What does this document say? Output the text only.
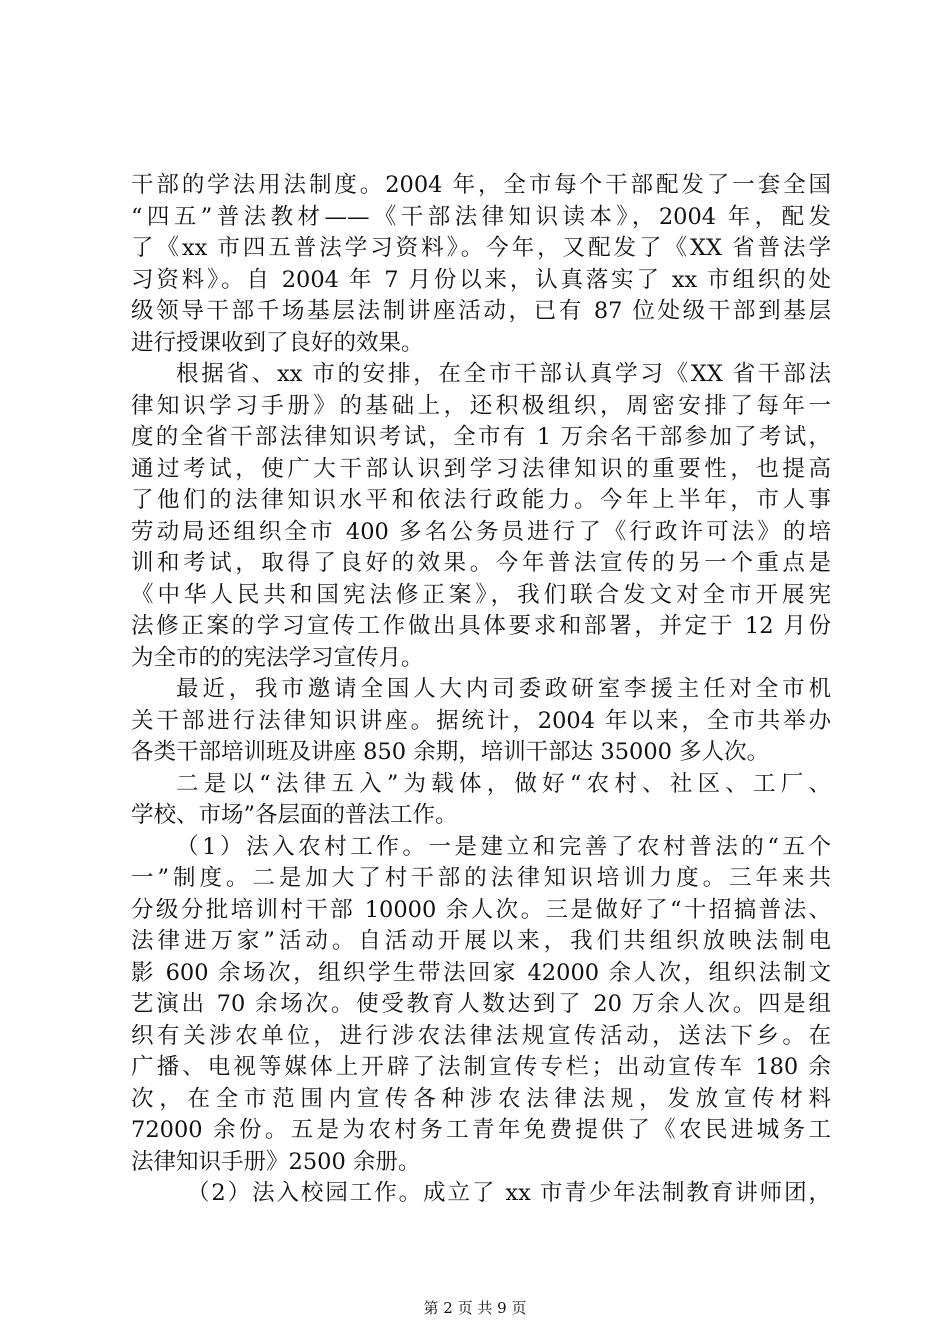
干部的学法用法制度。2004 年，全市每个干部配发了一套全国
“四五”普法教材——《干部法律知识读本》，2004 年，配发
了《xx 市四五普法学习资料》。今年，又配发了《XX 省普法学
习资料》。自 2004 年 7 月份以来，认真落实了 xx 市组织的处
级领导干部千场基层法制讲座活动，已有 87 位处级干部到基层
进行授课收到了良好的效果。
根据省、xx 市的安排，在全市干部认真学习《XX 省干部法
律知识学习手册》的基础上，还积极组织，周密安排了每年一
度的全省干部法律知识考试，全市有 1 万余名干部参加了考试，
通过考试，使广大干部认识到学习法律知识的重要性，也提高
了他们的法律知识水平和依法行政能力。今年上半年，市人事
劳动局还组织全市 400 多名公务员进行了《行政许可法》的培
训和考试，取得了良好的效果。今年普法宣传的另一个重点是
《中华人民共和国宪法修正案》，我们联合发文对全市开展宪
法修正案的学习宣传工作做出具体要求和部署，并定于 12 月份
为全市的的宪法学习宣传月。
最近，我市邀请全国人大内司委政研室李援主任对全市机
关干部进行法律知识讲座。据统计，2004 年以来，全市共举办
各类干部培训班及讲座 850 余期，培训干部达 35000 多人次。
二是以“法律五入”为载体，做好“农村、社区、工厂、
学校、市场”各层面的普法工作。
（1）法入农村工作。一是建立和完善了农村普法的“五个
一”制度。二是加大了村干部的法律知识培训力度。三年来共
分级分批培训村干部 10000 余人次。三是做好了“十招搞普法、
法律进万家”活动。自活动开展以来，我们共组织放映法制电
影 600 余场次，组织学生带法回家 42000 余人次，组织法制文
艺演出 70 余场次。使受教育人数达到了 20 万余人次。四是组
织有关涉农单位，进行涉农法律法规宣传活动，送法下乡。在
广播、电视等媒体上开辟了法制宣传专栏；出动宣传车 180 余
次，在全市范围内宣传各种涉农法律法规，发放宣传材料
72000 余份。五是为农村务工青年免费提供了《农民进城务工
法律知识手册》2500 余册。
（2）法入校园工作。成立了 xx 市青少年法制教育讲师团，
第 2 页 共 9 页
